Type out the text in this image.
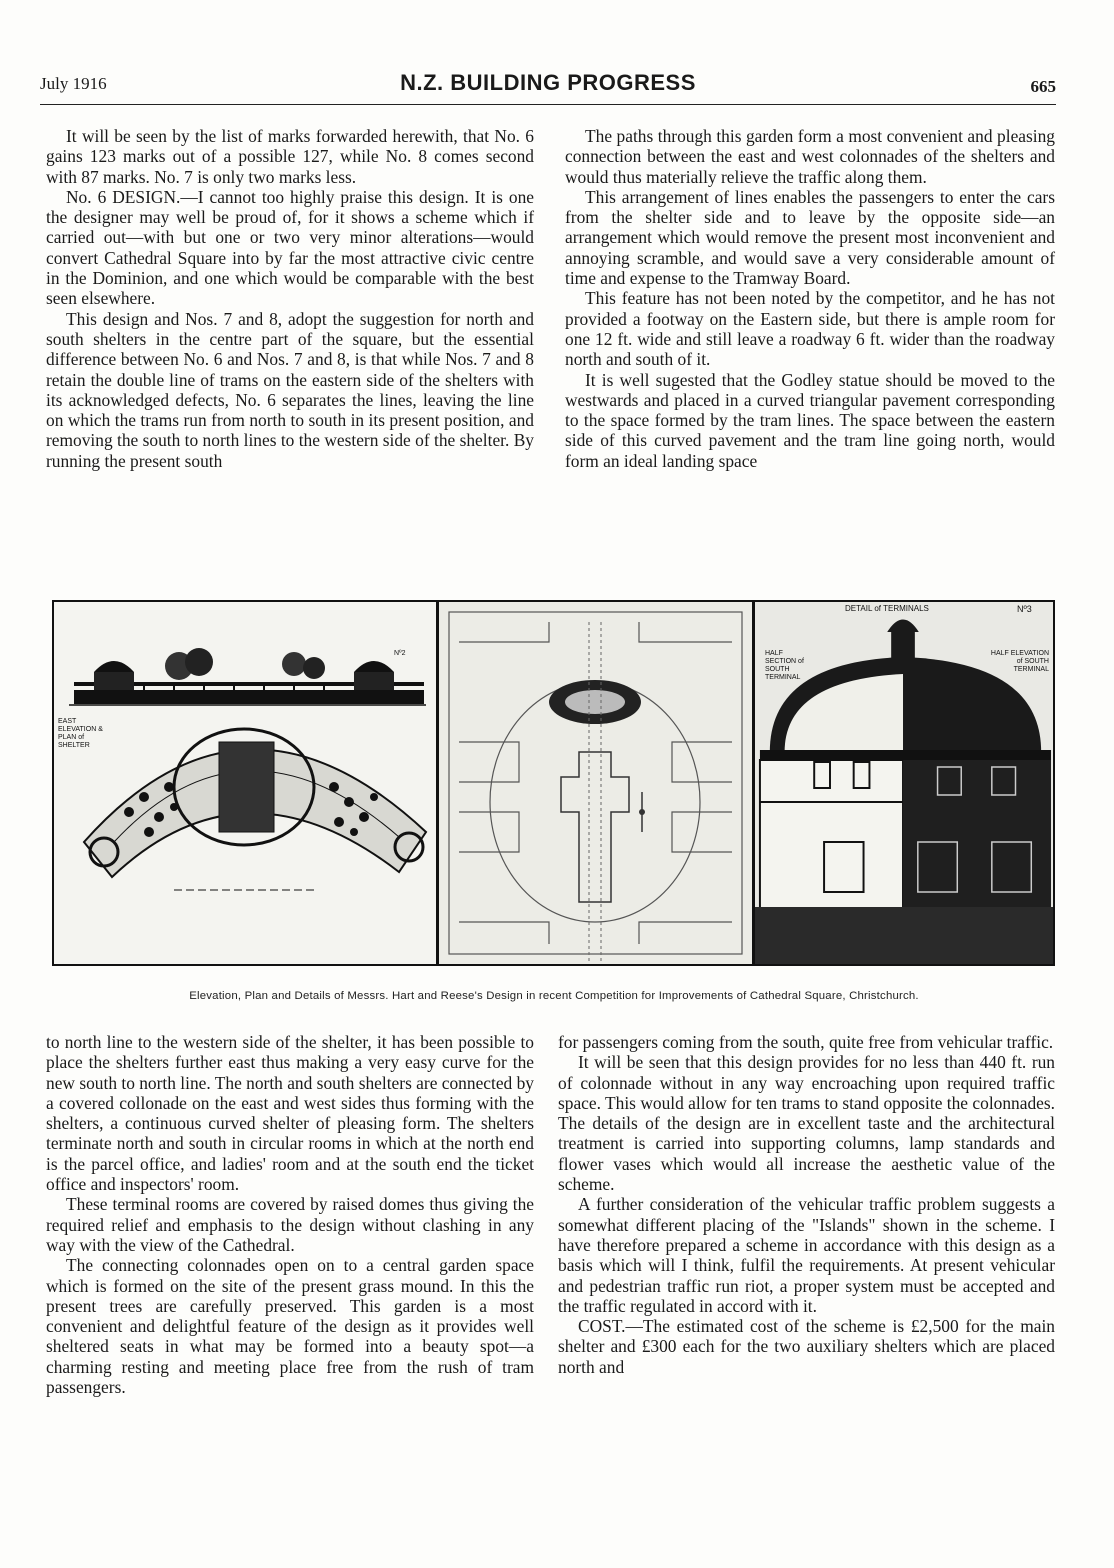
July 1916	N.Z. BUILDING PROGRESS	665

It will be seen by the list of marks forwarded herewith, that No. 6 gains 123 marks out of a possible 127, while No. 8 comes second with 87 marks. No. 7 is only two marks less.

No. 6 DESIGN.—I cannot too highly praise this design. It is one the designer may well be proud of, for it shows a scheme which if carried out—with but one or two very minor alterations—would convert Cathedral Square into by far the most attractive civic centre in the Dominion, and one which would be comparable with the best seen elsewhere.

This design and Nos. 7 and 8, adopt the suggestion for north and south shelters in the centre part of the square, but the essential difference between No. 6 and Nos. 7 and 8, is that while Nos. 7 and 8 retain the double line of trams on the eastern side of the shelters with its acknowledged defects, No. 6 separates the lines, leaving the line on which the trams run from north to south in its present position, and removing the south to north lines to the western side of the shelter. By running the present south

The paths through this garden form a most convenient and pleasing connection between the east and west colonnades of the shelters and would thus materially relieve the traffic along them.

This arrangement of lines enables the passengers to enter the cars from the shelter side and to leave by the opposite side—an arrangement which would remove the present most inconvenient and annoying scramble, and would save a very considerable amount of time and expense to the Tramway Board.

This feature has not been noted by the competitor, and he has not provided a footway on the Eastern side, but there is ample room for one 12 ft. wide and still leave a roadway 6 ft. wider than the roadway north and south of it.

It is well sugested that the Godley statue should be moved to the westwards and placed in a curved triangular pavement corresponding to the space formed by the tram lines. The space between the eastern side of this curved pavement and the tram line going north, would form an ideal landing space

Nº2
EAST ELEVATION & PLAN of SHELTER
DETAIL of TERMINALS	Nº3
HALF SECTION of SOUTH TERMINAL
HALF ELEVATION of SOUTH TERMINAL
Elevation, Plan and Details of Messrs. Hart and Reese's Design in recent Competition for Improvements of Cathedral Square, Christchurch.

to north line to the western side of the shelter, it has been possible to place the shelters further east thus making a very easy curve for the new south to north line. The north and south shelters are connected by a covered collonade on the east and west sides thus forming with the shelters, a continuous curved shelter of pleasing form. The shelters terminate north and south in circular rooms in which at the north end is the parcel office, and ladies' room and at the south end the ticket office and inspectors' room.

These terminal rooms are covered by raised domes thus giving the required relief and emphasis to the design without clashing in any way with the view of the Cathedral.

The connecting colonnades open on to a central garden space which is formed on the site of the present grass mound. In this the present trees are carefully preserved. This garden is a most convenient and delightful feature of the design as it provides well sheltered seats in what may be formed into a beauty spot—a charming resting and meeting place free from the rush of tram passengers.

for passengers coming from the south, quite free from vehicular traffic.

It will be seen that this design provides for no less than 440 ft. run of colonnade without in any way encroaching upon required traffic space. This would allow for ten trams to stand opposite the colonnades. The details of the design are in excellent taste and the architectural treatment is carried into supporting columns, lamp standards and flower vases which would all increase the aesthetic value of the scheme.

A further consideration of the vehicular traffic problem suggests a somewhat different placing of the "Islands" shown in the scheme. I have therefore prepared a scheme in accordance with this design as a basis which will I think, fulfil the requirements. At present vehicular and pedestrian traffic run riot, a proper system must be accepted and the traffic regulated in accord with it.

COST.—The estimated cost of the scheme is £2,500 for the main shelter and £300 each for the two auxiliary shelters which are placed north and
